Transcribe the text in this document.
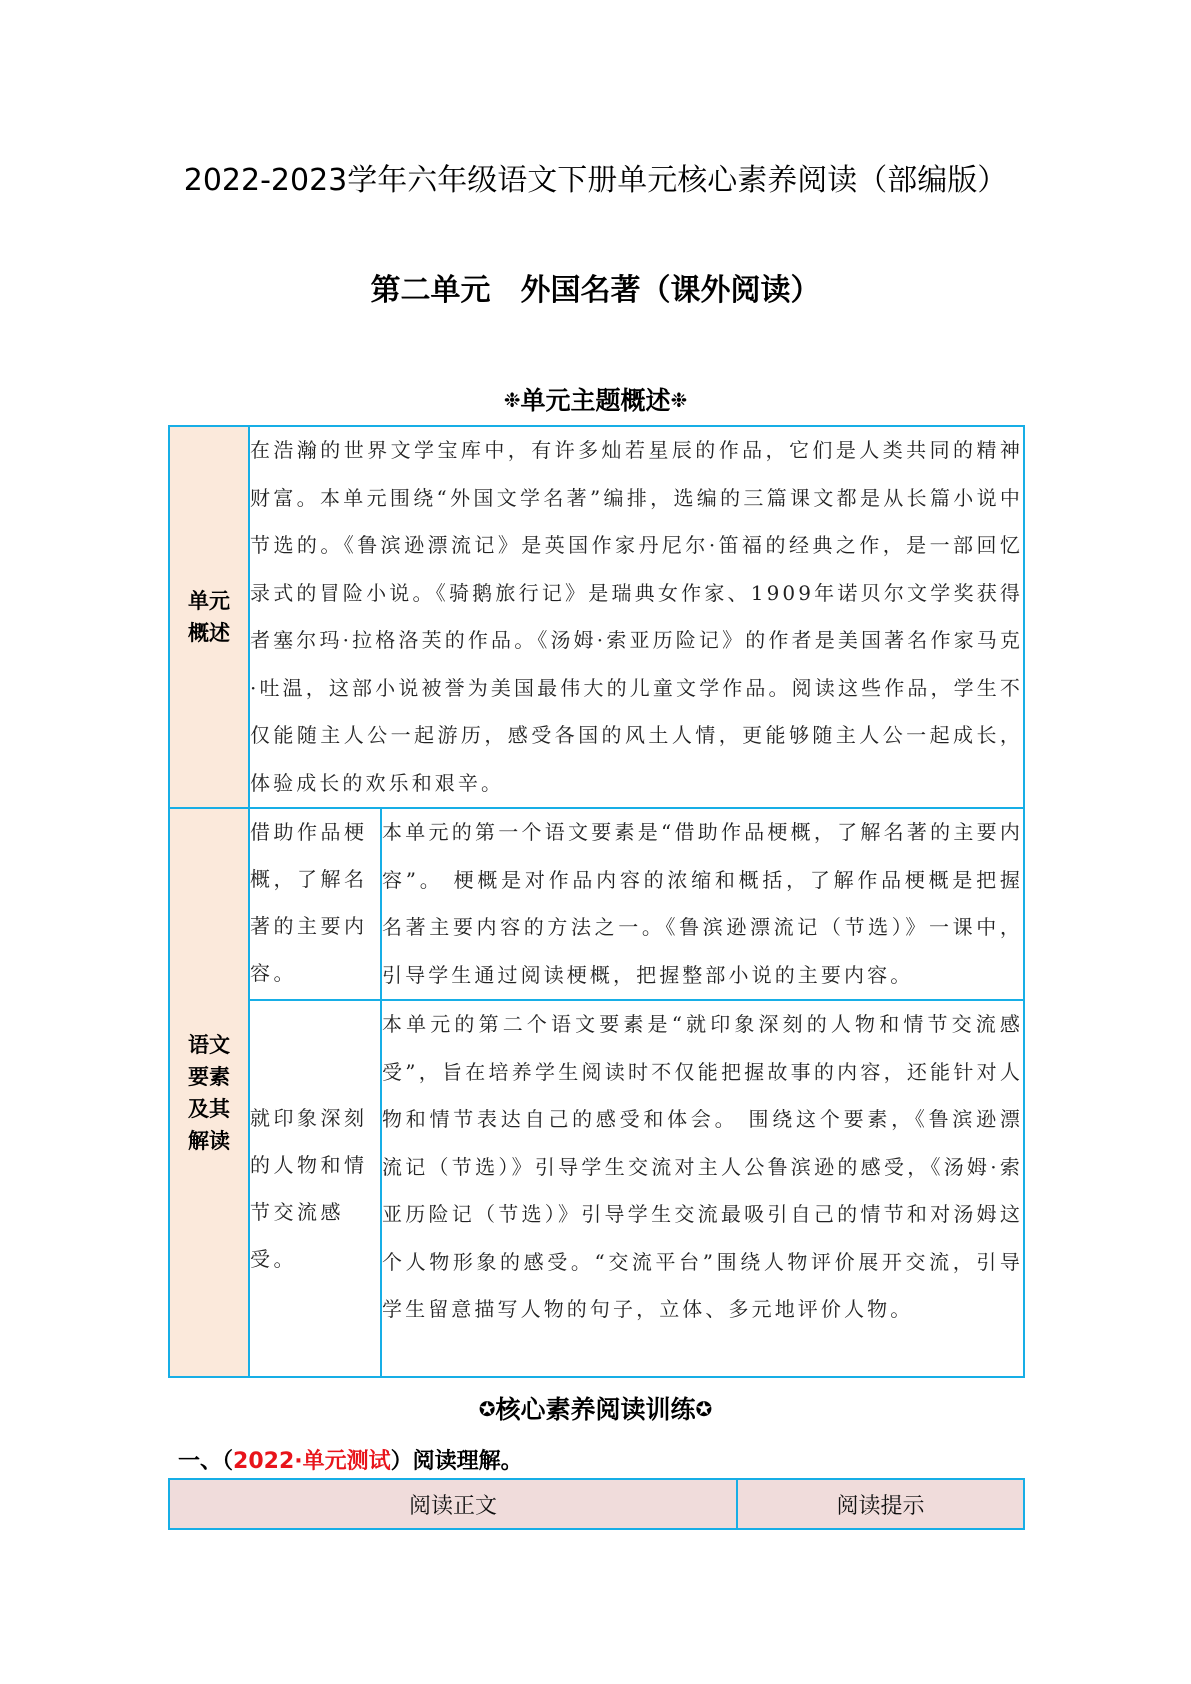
2022-2023学年六年级语文下册单元核心素养阅读（部编版）
第二单元　外国名著（课外阅读）
❉单元主题概述❉
单元
概述	在浩瀚的世界文学宝库中，有许多灿若星辰的作品，它们是人类共同的精神财富。本单元围绕“外国文学名著”编排，选编的三篇课文都是从长篇小说中节选的。《鲁滨逊漂流记》是英国作家丹尼尔·笛福的经典之作，是一部回忆录式的冒险小说。《骑鹅旅行记》是瑞典女作家、1909年诺贝尔文学奖获得者塞尔玛·拉格洛芙的作品。《汤姆·索亚历险记》的作者是美国著名作家马克·吐温，这部小说被誉为美国最伟大的儿童文学作品。阅读这些作品，学生不仅能随主人公一起游历，感受各国的风土人情，更能够随主人公一起成长，体验成长的欢乐和艰辛。	

语文
要素
及其
解读	借助作品梗概，了解名著的主要内容。	本单元的第一个语文要素是“借助作品梗概，了解名著的主要内容”。 梗概是对作品内容的浓缩和概括，了解作品梗概是把握名著主要内容的方法之一。《鲁滨逊漂流记（节选）》一课中，引导学生通过阅读梗概，把握整部小说的主要内容。
	就印象深刻的人物和情节交流感受。	本单元的第二个语文要素是“就印象深刻的人物和情节交流感受”，旨在培养学生阅读时不仅能把握故事的内容，还能针对人物和情节表达自己的感受和体会。 围绕这个要素，《鲁滨逊漂流记（节选）》引导学生交流对主人公鲁滨逊的感受，《汤姆·索亚历险记（节选）》引导学生交流最吸引自己的情节和对汤姆这个人物形象的感受。“交流平台”围绕人物评价展开交流，引导学生留意描写人物的句子，立体、多元地评价人物。
✪核心素养阅读训练✪
一、（2022·单元测试）阅读理解。
阅读正文	阅读提示
